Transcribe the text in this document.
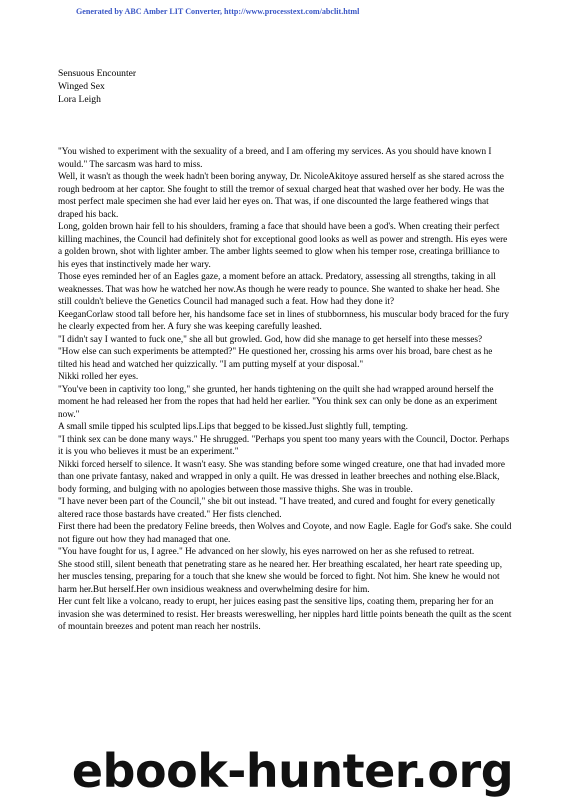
Generated by ABC Amber LIT Converter, http://www.processtext.com/abclit.html
Sensuous Encounter
Winged Sex
Lora Leigh

"You wished to experiment with the sexuality of a breed, and I am offering my services. As you should have known I would." The sarcasm was hard to miss.

Well, it wasn't as though the week hadn't been boring anyway, Dr. NicoleAkitoye assured herself as she stared across the rough bedroom at her captor. She fought to still the tremor of sexual charged heat that washed over her body. He was the most perfect male specimen she had ever laid her eyes on. That was, if one discounted the large feathered wings that draped his back.

Long, golden brown hair fell to his shoulders, framing a face that should have been a god's. When creating their perfect killing machines, the Council had definitely shot for exceptional good looks as well as power and strength. His eyes were a golden brown, shot with lighter amber. The amber lights seemed to glow when his temper rose, creatinga brilliance to his eyes that instinctively made her wary.

Those eyes reminded her of an Eagles gaze, a moment before an attack. Predatory, assessing all strengths, taking in all weaknesses. That was how he watched her now.As though he were ready to pounce. She wanted to shake her head. She still couldn't believe the Genetics Council had managed such a feat. How had they done it?

KeeganCorlaw stood tall before her, his handsome face set in lines of stubbornness, his muscular body braced for the fury he clearly expected from her. A fury she was keeping carefully leashed.

"I didn't say I wanted to fuck one," she all but growled. God, how did she manage to get herself into these messes?

"How else can such experiments be attempted?" He questioned her, crossing his arms over his broad, bare chest as he tilted his head and watched her quizzically. "I am putting myself at your disposal."

Nikki rolled her eyes.

"You've been in captivity too long," she grunted, her hands tightening on the quilt she had wrapped around herself the moment he had released her from the ropes that had held her earlier. "You think sex can only be done as an experiment now."

A small smile tipped his sculpted lips.Lips that begged to be kissed.Just slightly full, tempting.

"I think sex can be done many ways." He shrugged. "Perhaps you spent too many years with the Council, Doctor. Perhaps it is you who believes it must be an experiment."

Nikki forced herself to silence. It wasn't easy. She was standing before some winged creature, one that had invaded more than one private fantasy, naked and wrapped in only a quilt. He was dressed in leather breeches and nothing else.Black, body forming, and bulging with no apologies between those massive thighs. She was in trouble.

"I have never been part of the Council," she bit out instead. "I have treated, and cured and fought for every genetically altered race those bastards have created." Her fists clenched.

First there had been the predatory Feline breeds, then Wolves and Coyote, and now Eagle. Eagle for God's sake. She could not figure out how they had managed that one.

"You have fought for us, I agree." He advanced on her slowly, his eyes narrowed on her as she refused to retreat.

She stood still, silent beneath that penetrating stare as he neared her. Her breathing escalated, her heart rate speeding up, her muscles tensing, preparing for a touch that she knew she would be forced to fight. Not him. She knew he would not harm her.But herself.Her own insidious weakness and overwhelming desire for him.

Her cunt felt like a volcano, ready to erupt, her juices easing past the sensitive lips, coating them, preparing her for an invasion she was determined to resist. Her breasts wereswelling, her nipples hard little points beneath the quilt as the scent of mountain breezes and potent man reach her nostrils.

ebook-hunter.org
